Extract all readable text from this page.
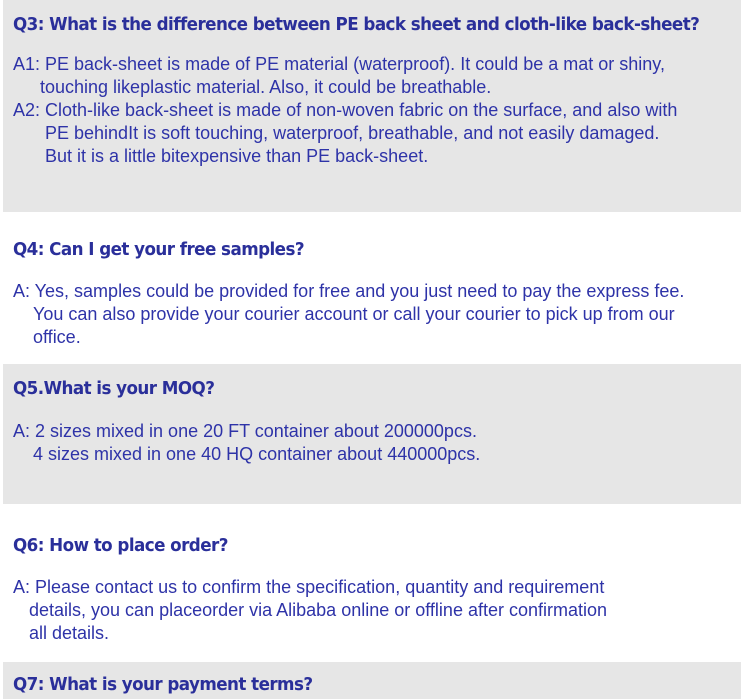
Q3: What is the difference between PE back sheet and cloth-like back-sheet?
A1: PE back-sheet is made of PE material (waterproof). It could be a mat or shiny,
touching likeplastic material. Also, it could be breathable.
A2: Cloth-like back-sheet is made of non-woven fabric on the surface, and also with
PE behindIt is soft touching, waterproof, breathable, and not easily damaged.
But it is a little bitexpensive than PE back-sheet.
Q4: Can I get your free samples?
A: Yes, samples could be provided for free and you just need to pay the express fee.
You can also provide your courier account or call your courier to pick up from our
office.
Q5.What is your MOQ?
A: 2 sizes mixed in one 20 FT container about 200000pcs.
4 sizes mixed in one 40 HQ container about 440000pcs.
Q6: How to place order?
A: Please contact us to confirm the specification, quantity and requirement
details, you can placeorder via Alibaba online or offline after confirmation
all details.
Q7: What is your payment terms?
